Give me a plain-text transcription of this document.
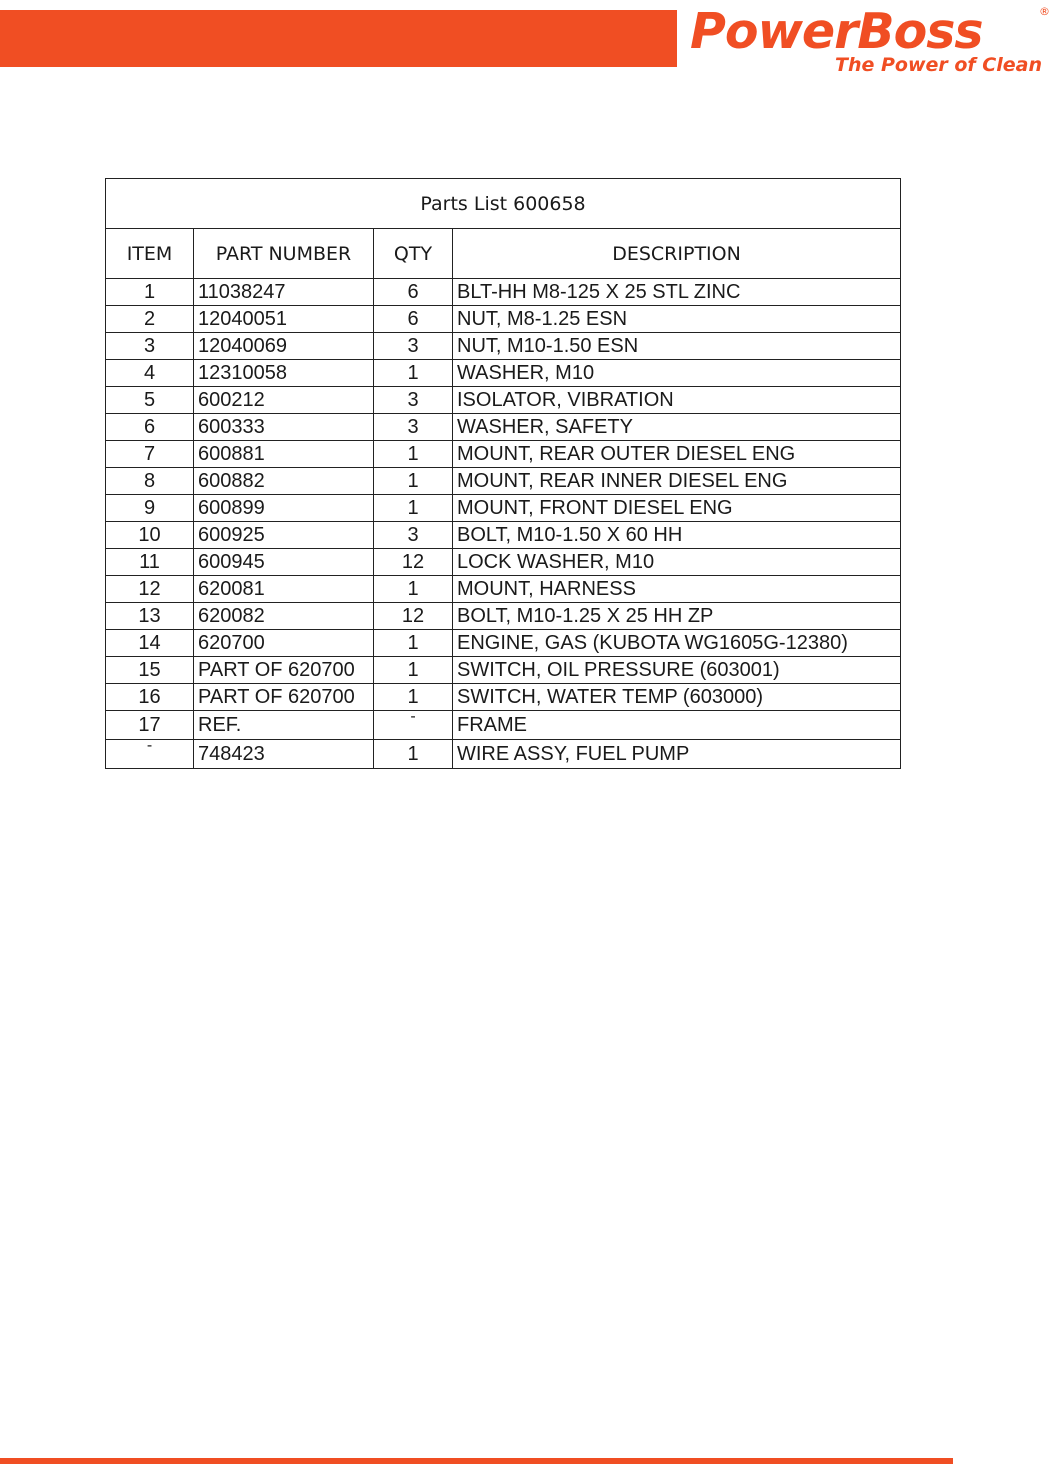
PowerBoss	®
The Power of Clean
Parts List 600658			
ITEM	PART NUMBER	QTY	DESCRIPTION
1	11038247	6	BLT-HH M8-125 X 25 STL ZINC
2	12040051	6	NUT, M8-1.25 ESN
3	12040069	3	NUT, M10-1.50 ESN
4	12310058	1	WASHER, M10
5	600212	3	ISOLATOR, VIBRATION
6	600333	3	WASHER, SAFETY
7	600881	1	MOUNT, REAR OUTER DIESEL ENG
8	600882	1	MOUNT, REAR INNER DIESEL ENG
9	600899	1	MOUNT, FRONT DIESEL ENG
10	600925	3	BOLT, M10-1.50 X 60 HH
11	600945	12	LOCK WASHER, M10
12	620081	1	MOUNT, HARNESS
13	620082	12	BOLT, M10-1.25 X 25 HH ZP
14	620700	1	ENGINE, GAS (KUBOTA WG1605G-12380)
15	PART OF 620700	1	SWITCH, OIL PRESSURE (603001)
16	PART OF 620700	1	SWITCH, WATER TEMP (603000)
17	REF.	-	FRAME
-	748423	1	WIRE ASSY, FUEL PUMP
